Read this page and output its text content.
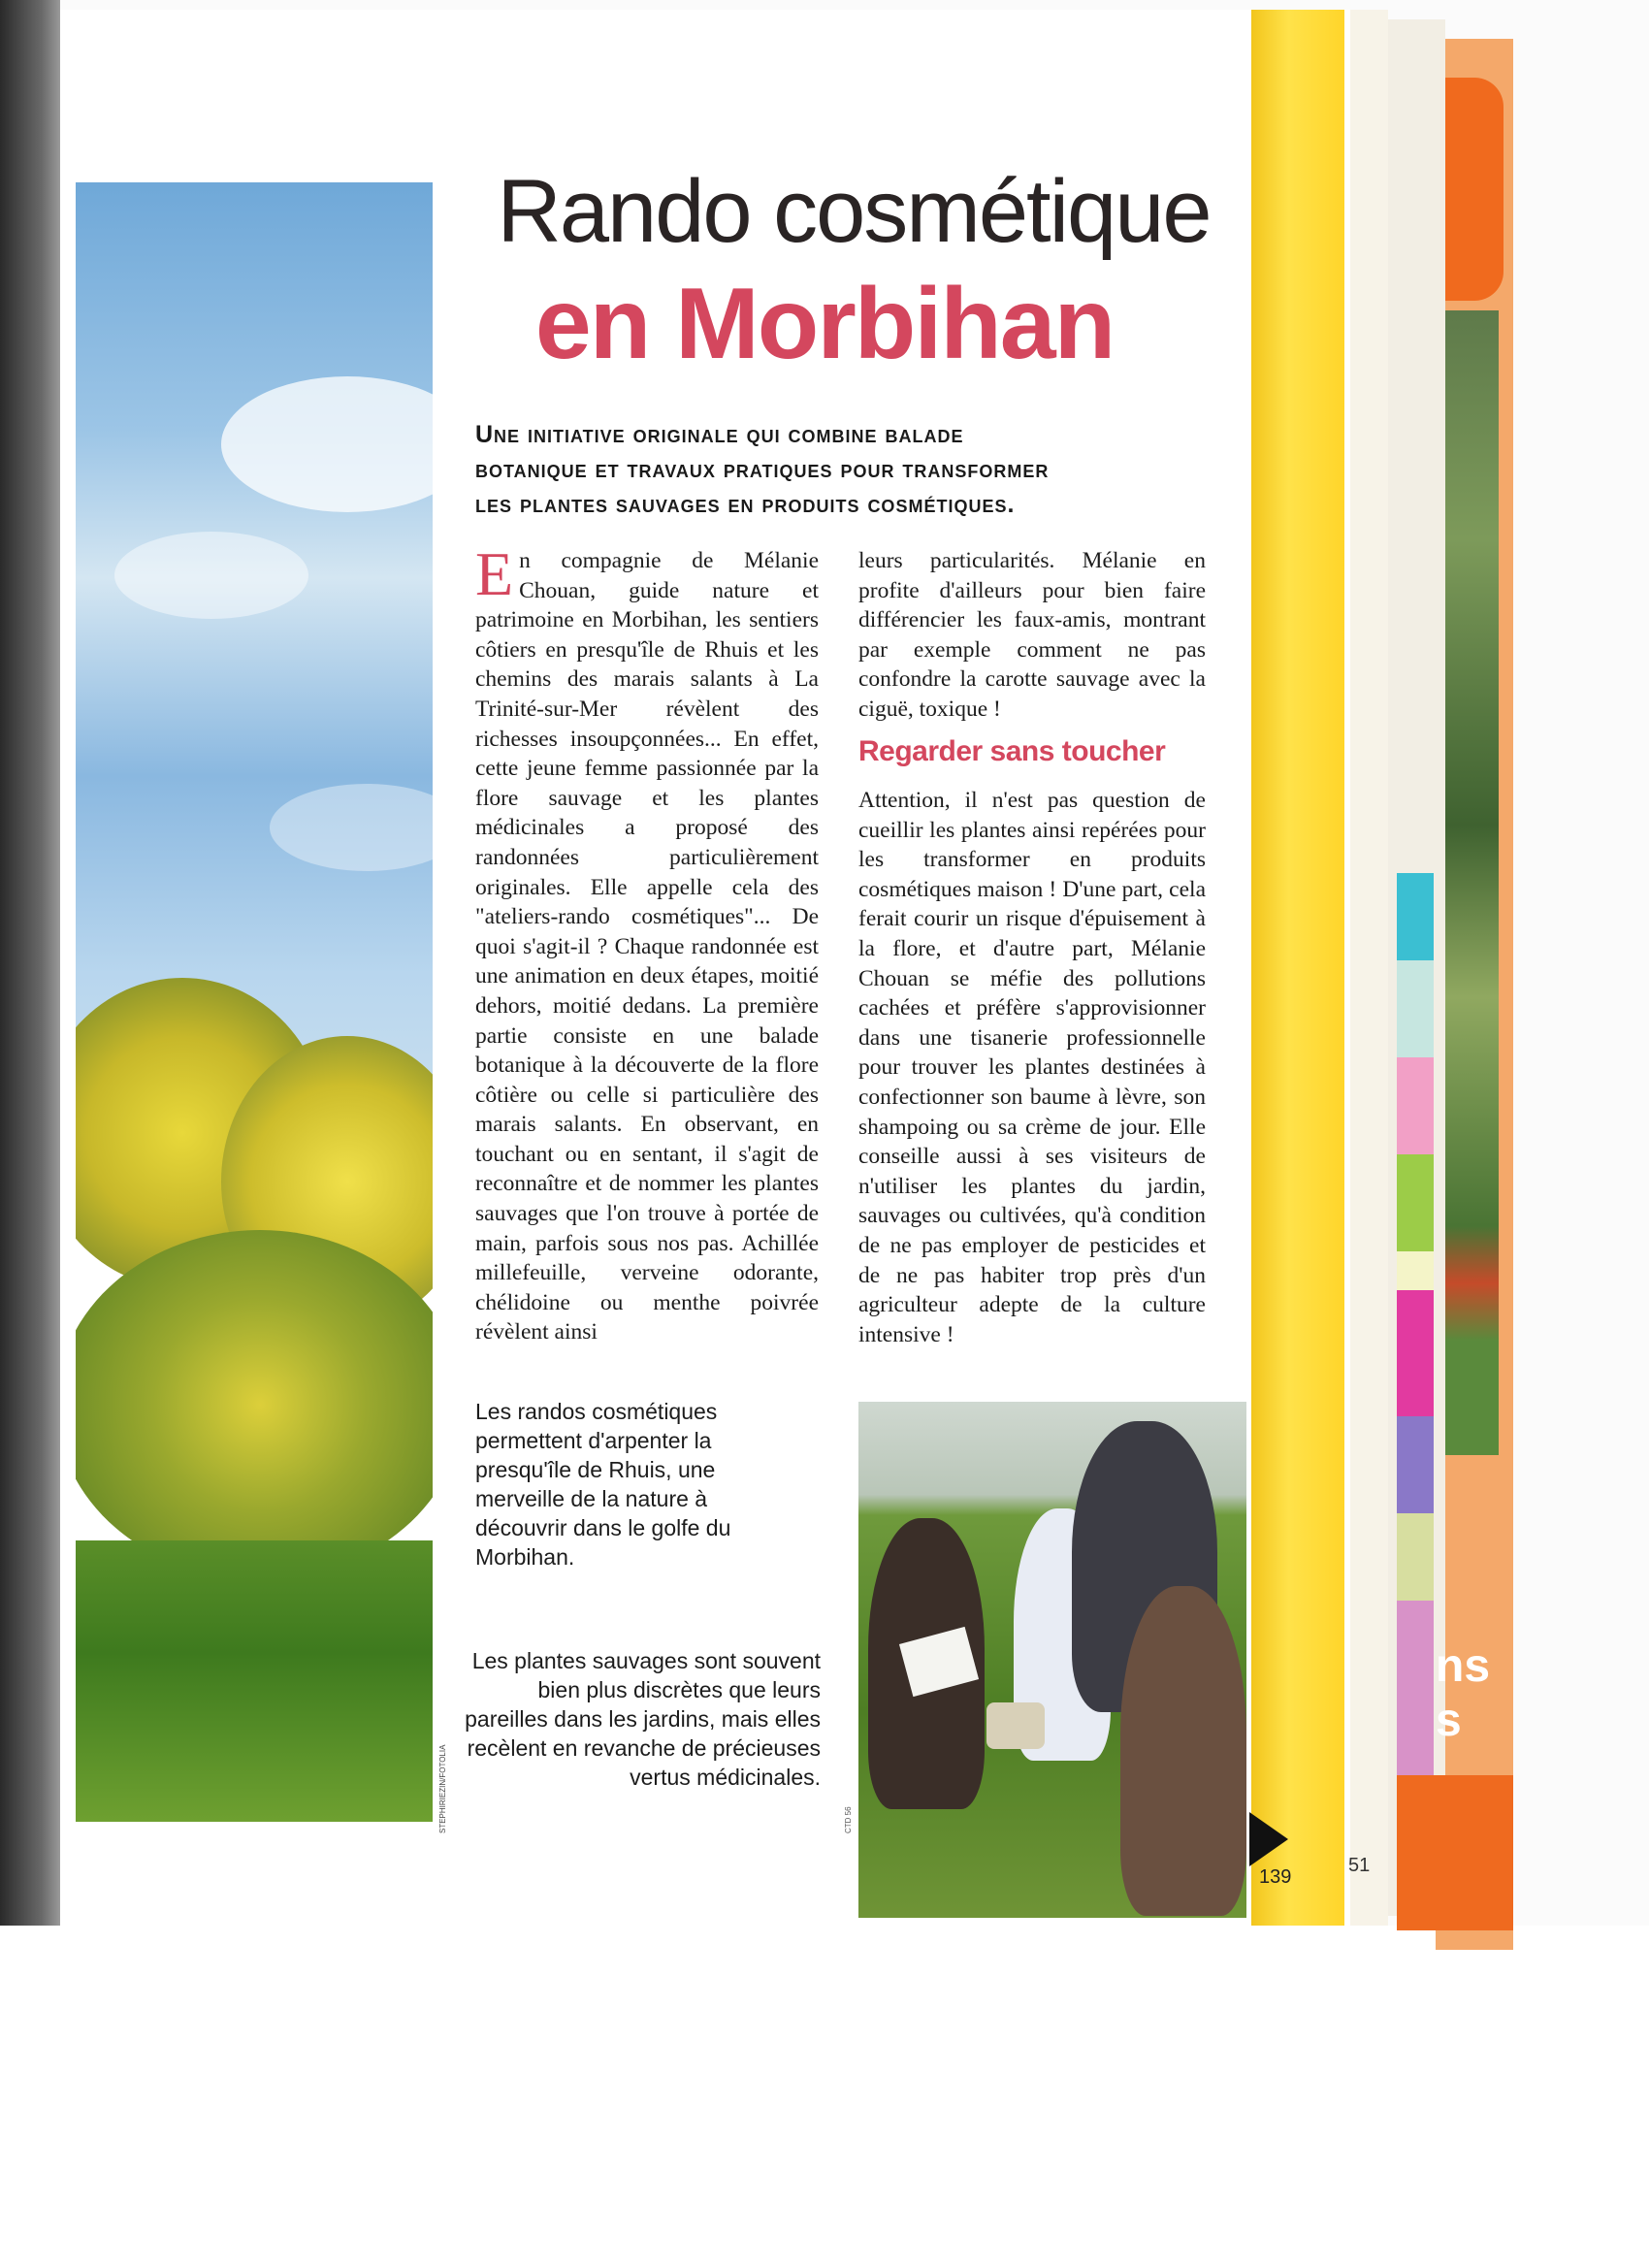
ns
s
STEPHIRIEZIN/FOTOLIA
Rando cosmétique
en Morbihan
Une initiative originale qui combine balade
botanique et travaux pratiques pour transformer
les plantes sauvages en produits cosmétiques.
En compagnie de Mélanie Chouan, guide nature et patrimoine en Morbihan, les sentiers côtiers en presqu'île de Rhuis et les chemins des marais salants à La Trinité-sur-Mer révèlent des richesses insoupçonnées... En effet, cette jeune femme passionnée par la flore sauvage et les plantes médicinales a proposé des randonnées particulièrement originales. Elle appelle cela des "ateliers-rando cosmétiques"... De quoi s'agit-il ? Chaque randonnée est une animation en deux étapes, moitié dehors, moitié dedans. La première partie consiste en une balade botanique à la découverte de la flore côtière ou celle si particulière des marais salants. En observant, en touchant ou en sentant, il s'agit de reconnaître et de nommer les plantes sauvages que l'on trouve à portée de main, parfois sous nos pas. Achillée millefeuille, verveine odorante, chélidoine ou menthe poivrée révèlent ainsi
leurs particularités. Mélanie en profite d'ailleurs pour bien faire différencier les faux-amis, montrant par exemple comment ne pas confondre la carotte sauvage avec la ciguë, toxique !
Regarder sans toucher
Attention, il n'est pas question de cueillir les plantes ainsi repérées pour les transformer en produits cosmétiques maison ! D'une part, cela ferait courir un risque d'épuisement à la flore, et d'autre part, Mélanie Chouan se méfie des pollutions cachées et préfère s'approvisionner dans une tisanerie professionnelle pour trouver les plantes destinées à confectionner son baume à lèvre, son shampoing ou sa crème de jour. Elle conseille aussi à ses visiteurs de n'utiliser les plantes du jardin, sauvages ou cultivées, qu'à condition de ne pas employer de pesticides et de ne pas habiter trop près d'un agriculteur adepte de la culture intensive !
Les randos cosmétiques permettent d'arpenter la presqu'île de Rhuis, une merveille de la nature à découvrir dans le golfe du Morbihan.
Les plantes sauvages sont souvent bien plus discrètes que leurs pareilles dans les jardins, mais elles recèlent en revanche de précieuses vertus médicinales.
CTD 56
139
51
